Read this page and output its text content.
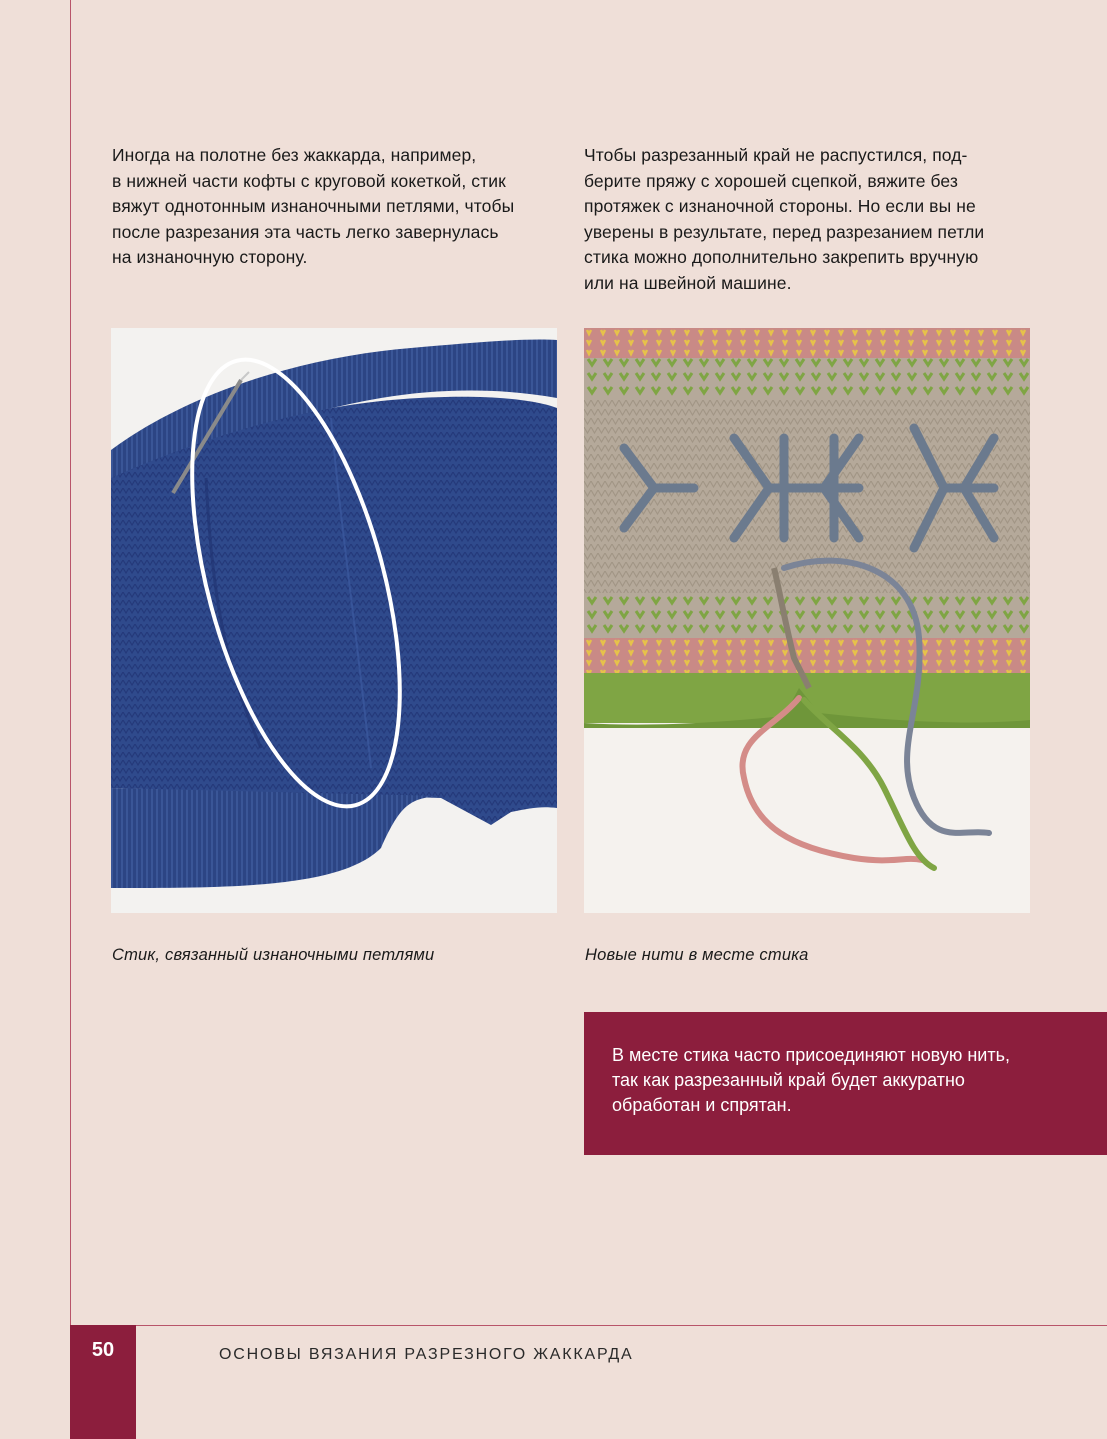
Иногда на полотне без жаккарда, например,
в нижней части кофты с круговой кокеткой, стик
вяжут однотонным изнаночными петлями, чтобы
после разрезания эта часть легко завернулась
на изнаночную сторону.
Чтобы разрезанный край не распустился, под-
берите пряжу с хорошей сцепкой, вяжите без
протяжек с изнаночной стороны. Но если вы не
уверены в результате, перед разрезанием петли
стика можно дополнительно закрепить вручную
или на швейной машине.
Стик, связанный изнаночными петлями	Новые нити в месте стика
В месте стика часто присоединяют новую нить,
так как разрезанный край будет аккуратно
обработан и спрятан.
50	ОСНОВЫ ВЯЗАНИЯ РАЗРЕЗНОГО ЖАККАРДА
